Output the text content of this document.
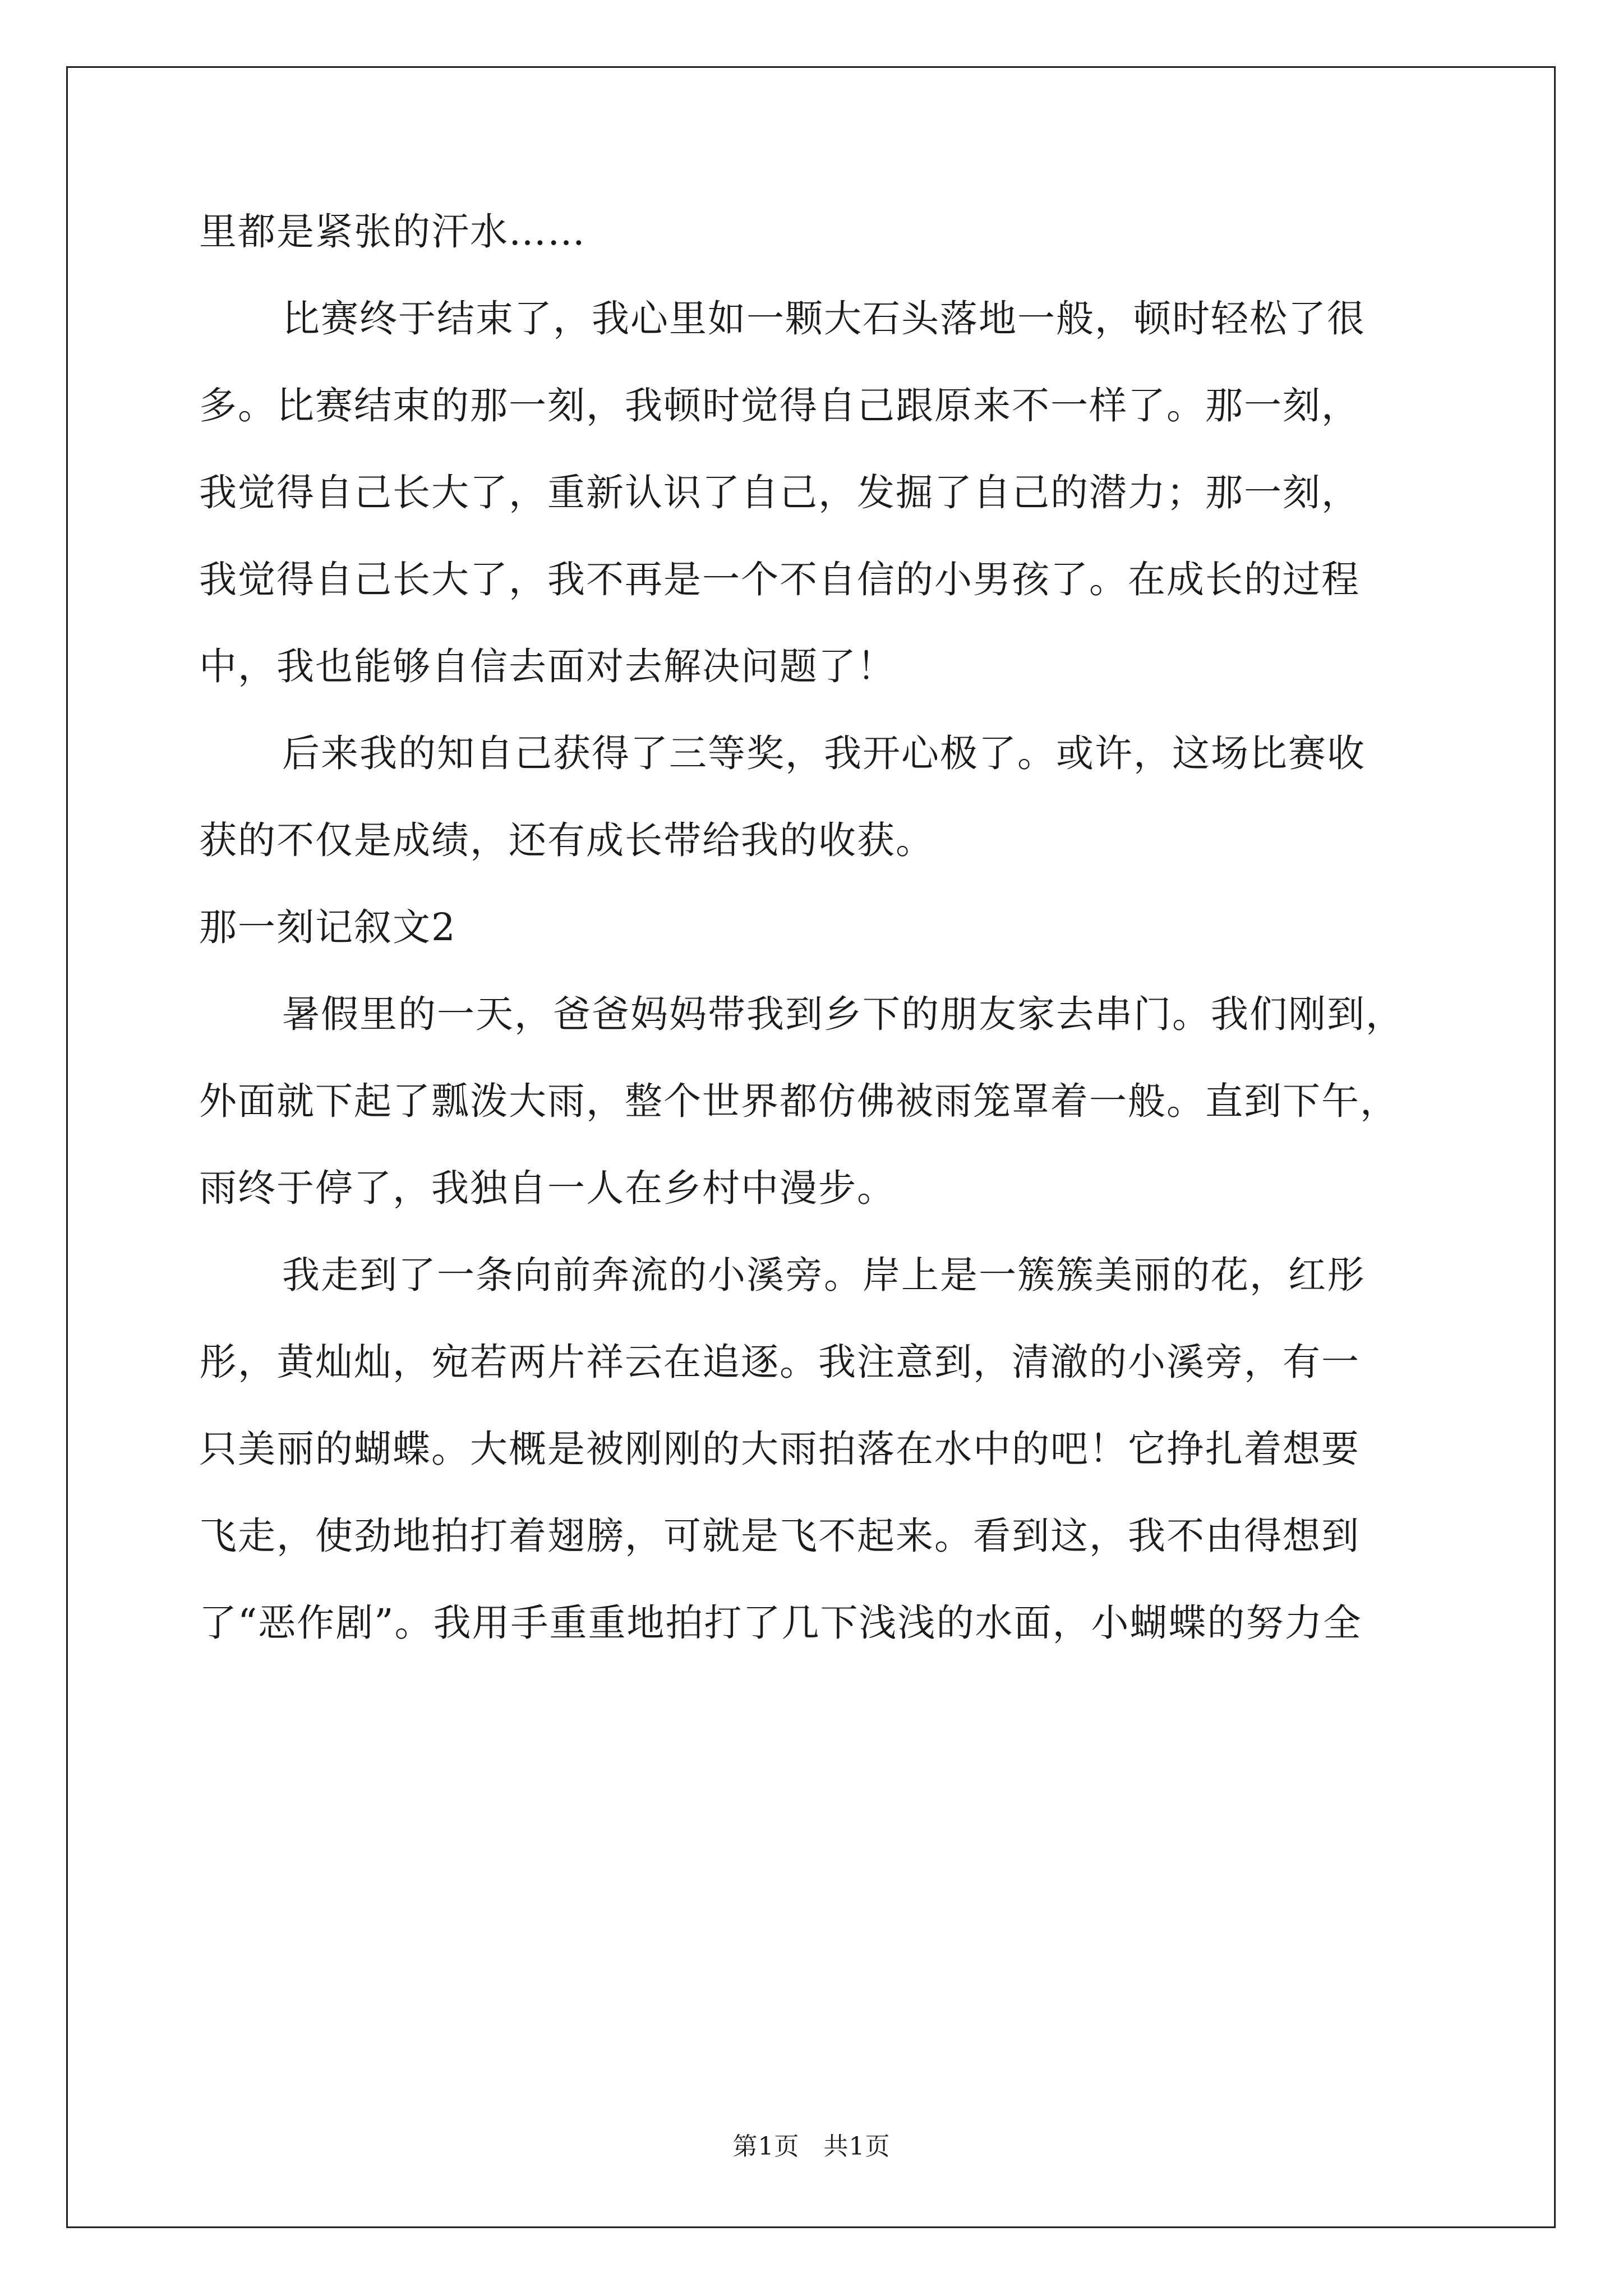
里都是紧张的汗水……
比赛终于结束了，我心里如一颗大石头落地一般，顿时轻松了很
多。比赛结束的那一刻，我顿时觉得自己跟原来不一样了。那一刻，
我觉得自己长大了，重新认识了自己，发掘了自己的潜力；那一刻，
我觉得自己长大了，我不再是一个不自信的小男孩了。在成长的过程
中，我也能够自信去面对去解决问题了！
后来我的知自己获得了三等奖，我开心极了。或许，这场比赛收
获的不仅是成绩，还有成长带给我的收获。
那一刻记叙文2
暑假里的一天，爸爸妈妈带我到乡下的朋友家去串门。我们刚到，
外面就下起了瓢泼大雨，整个世界都仿佛被雨笼罩着一般。直到下午，
雨终于停了，我独自一人在乡村中漫步。
我走到了一条向前奔流的小溪旁。岸上是一簇簇美丽的花，红彤
彤，黄灿灿，宛若两片祥云在追逐。我注意到，清澈的小溪旁，有一
只美丽的蝴蝶。大概是被刚刚的大雨拍落在水中的吧！它挣扎着想要
飞走，使劲地拍打着翅膀，可就是飞不起来。看到这，我不由得想到
了“恶作剧”。我用手重重地拍打了几下浅浅的水面，小蝴蝶的努力全
第1页 共1页
